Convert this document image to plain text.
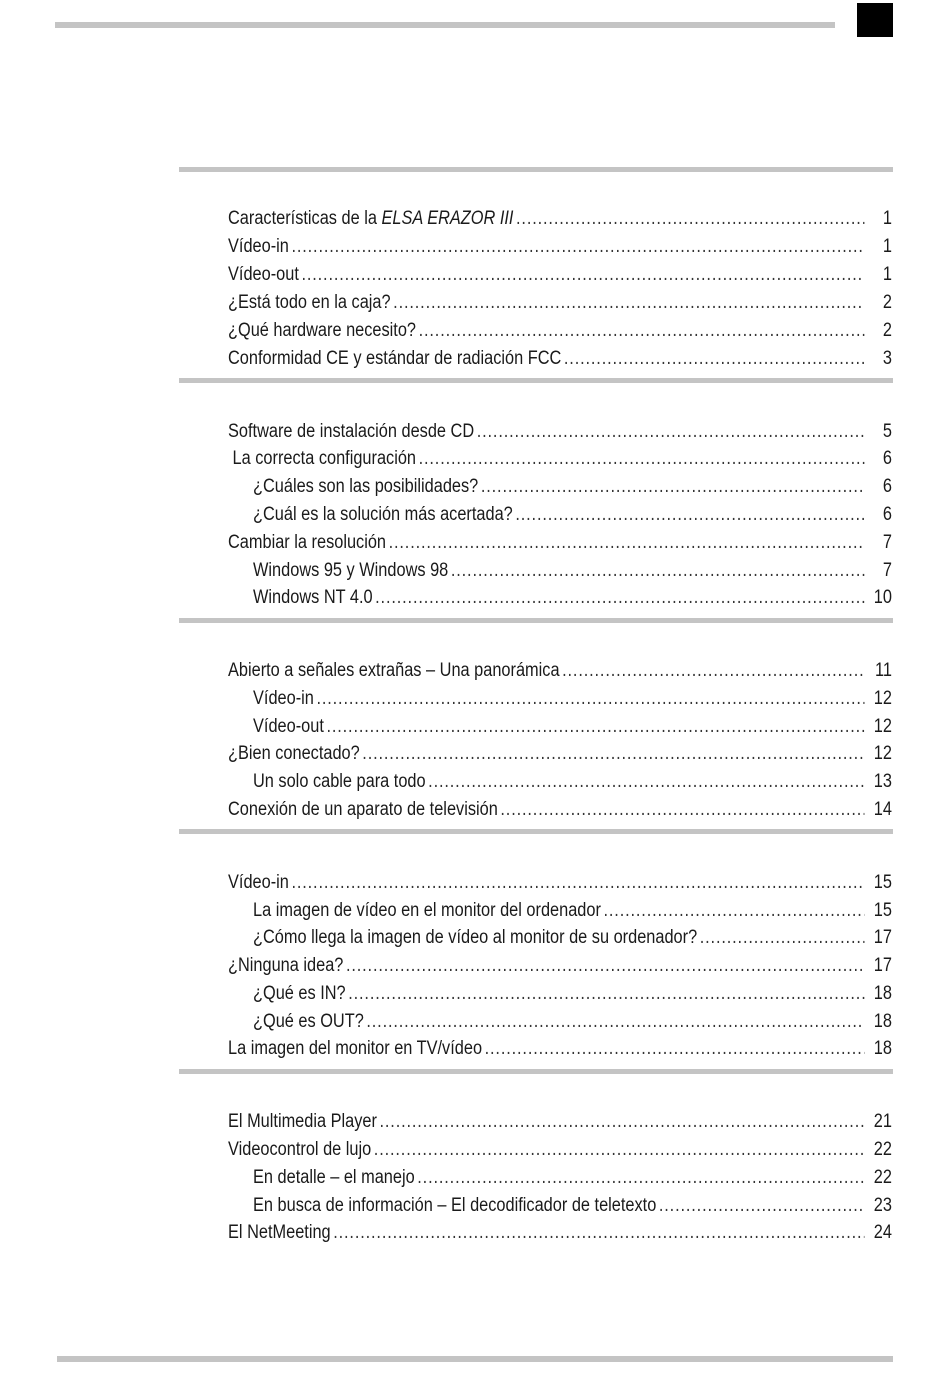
Características de la ELSA ERAZOR III .....	1
Vídeo-in .....	1
Vídeo-out .....	1
¿Está todo en la caja? .....	2
¿Qué hardware necesito? .....	2
Conformidad CE y estándar de radiación FCC .....	3
Software de instalación desde CD .....	5
La correcta configuración .....	6
¿Cuáles son las posibilidades? .....	6
¿Cuál es la solución más acertada? .....	6
Cambiar la resolución .....	7
Windows 95 y Windows 98 .....	7
Windows NT 4.0 .....	10
Abierto a señales extrañas – Una panorámica .....	11
Vídeo-in .....	12
Vídeo-out .....	12
¿Bien conectado? .....	12
Un solo cable para todo .....	13
Conexión de un aparato de televisión .....	14
Vídeo-in .....	15
La imagen de vídeo en el monitor del ordenador .....	15
¿Cómo llega la imagen de vídeo al monitor de su ordenador? .....	17
¿Ninguna idea? .....	17
¿Qué es IN? .....	18
¿Qué es OUT? .....	18
La imagen del monitor en TV/vídeo .....	18
El Multimedia Player .....	21
Videocontrol de lujo .....	22
En detalle – el manejo .....	22
En busca de información – El decodificador de teletexto .....	23
El NetMeeting .....	24
